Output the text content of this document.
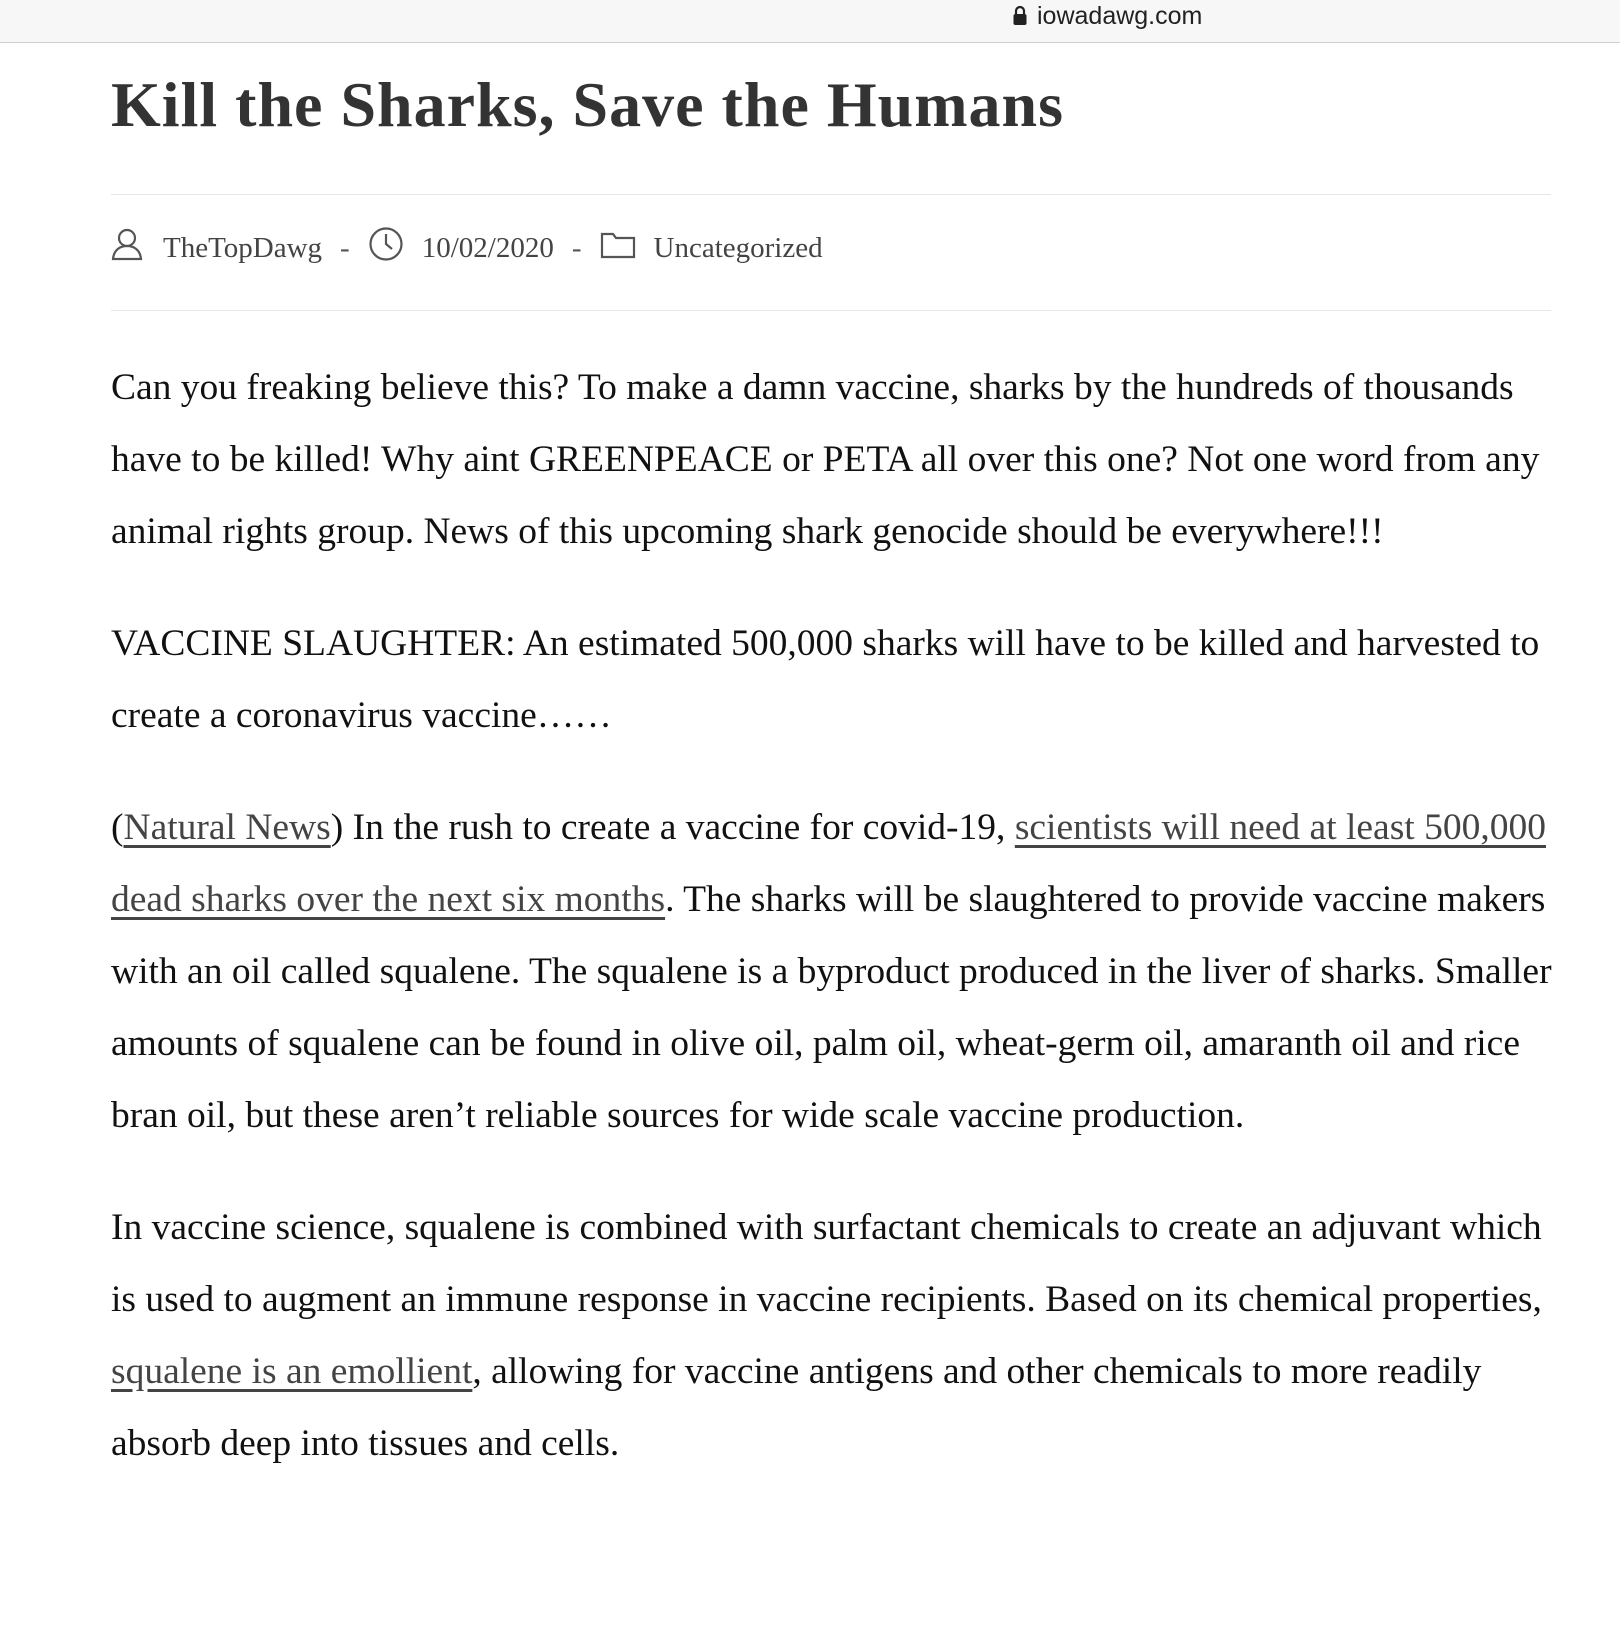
iowadawg.com
Kill the Sharks, Save the Humans
TheTopDawg - 10/02/2020 - Uncategorized

Can you freaking believe this? To make a damn vaccine, sharks by the hundreds of thousands have to be killed! Why aint GREENPEACE or PETA all over this one? Not one word from any animal rights group. News of this upcoming shark genocide should be everywhere!!!

VACCINE SLAUGHTER: An estimated 500,000 sharks will have to be killed and harvested to create a coronavirus vaccine……

(Natural News) In the rush to create a vaccine for covid-19, scientists will need at least 500,000 dead sharks over the next six months. The sharks will be slaughtered to provide vaccine makers with an oil called squalene. The squalene is a byproduct produced in the liver of sharks. Smaller amounts of squalene can be found in olive oil, palm oil, wheat-germ oil, amaranth oil and rice bran oil, but these aren’t reliable sources for wide scale vaccine production.

In vaccine science, squalene is combined with surfactant chemicals to create an adjuvant which is used to augment an immune response in vaccine recipients. Based on its chemical properties, squalene is an emollient, allowing for vaccine antigens and other chemicals to more readily absorb deep into tissues and cells.
